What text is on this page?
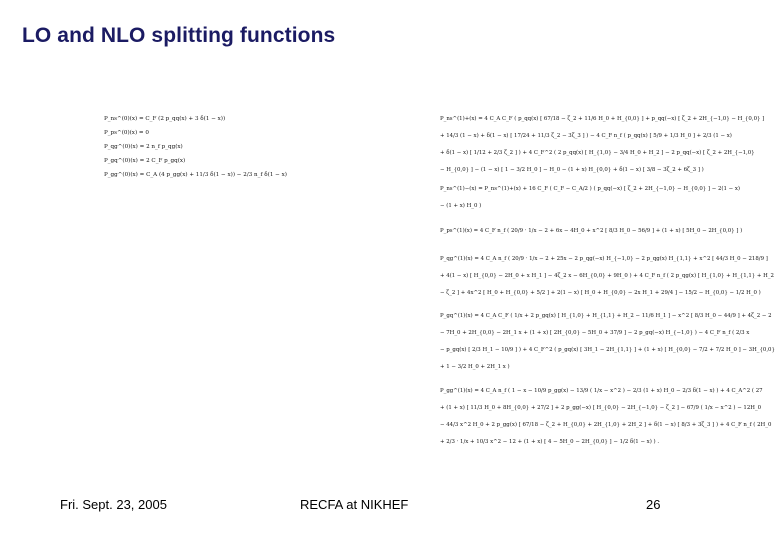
LO and NLO splitting functions
P_ns^(0)(x) = C_F (2 p_qq(x) + 3 δ(1 − x))
P_ps^(0)(x) = 0
P_qg^(0)(x) = 2 n_f p_qg(x)
P_gq^(0)(x) = 2 C_F p_gq(x)
P_gg^(0)(x) = C_A (4 p_gg(x) + 11/3 δ(1 − x)) − 2/3 n_f δ(1 − x)
P_ns^(1)+(x) = 4 C_A C_F ( p_qq(x) [ 67/18 − ζ_2 + 11/6 H_0 + H_{0,0} ] + p_qq(−x) [ ζ_2 + 2H_{−1,0} − H_{0,0} ]
+ 14/3 (1 − x) + δ(1 − x) [ 17/24 + 11/3 ζ_2 − 3ζ_3 ] ) − 4 C_F n_f ( p_qq(x) [ 5/9 + 1/3 H_0 ] + 2/3 (1 − x)
+ δ(1 − x) [ 1/12 + 2/3 ζ_2 ] ) + 4 C_F^2 ( 2 p_qq(x) [ H_{1,0} − 3/4 H_0 + H_2 ] − 2 p_qq(−x) [ ζ_2 + 2H_{−1,0}
− H_{0,0} ] − (1 − x) [ 1 − 3/2 H_0 ] − H_0 − (1 + x) H_{0,0} + δ(1 − x) [ 3/8 − 3ζ_2 + 6ζ_3 ] )
P_ns^(1)−(x) = P_ns^(1)+(x) + 16 C_F ( C_F − C_A/2 ) ( p_qq(−x) [ ζ_2 + 2H_{−1,0} − H_{0,0} ] − 2(1 − x)
− (1 + x) H_0 )
P_ps^(1)(x) = 4 C_F n_f ( 20/9 · 1/x − 2 + 6x − 4H_0 + x^2 [ 8/3 H_0 − 56/9 ] + (1 + x) [ 5H_0 − 2H_{0,0} ] )
P_qg^(1)(x) = 4 C_A n_f ( 20/9 · 1/x − 2 + 25x − 2 p_qg(−x) H_{−1,0} − 2 p_qg(x) H_{1,1} + x^2 [ 44/3 H_0 − 218/9 ]
+ 4(1 − x) [ H_{0,0} − 2H_0 + x H_1 ] − 4ζ_2 x − 6H_{0,0} + 9H_0 ) + 4 C_F n_f ( 2 p_qg(x) [ H_{1,0} + H_{1,1} + H_2
− ζ_2 ] + 4x^2 [ H_0 + H_{0,0} + 5/2 ] + 2(1 − x) [ H_0 + H_{0,0} − 2x H_1 + 29/4 ] − 15/2 − H_{0,0} − 1/2 H_0 )
P_gq^(1)(x) = 4 C_A C_F ( 1/x + 2 p_gq(x) [ H_{1,0} + H_{1,1} + H_2 − 11/6 H_1 ] − x^2 [ 8/3 H_0 − 44/9 ] + 4ζ_2 − 2
− 7H_0 + 2H_{0,0} − 2H_1 x + (1 + x) [ 2H_{0,0} − 5H_0 + 37/9 ] − 2 p_gq(−x) H_{−1,0} ) − 4 C_F n_f ( 2/3 x
− p_gq(x) [ 2/3 H_1 − 10/9 ] ) + 4 C_F^2 ( p_gq(x) [ 3H_1 − 2H_{1,1} ] + (1 + x) [ H_{0,0} − 7/2 + 7/2 H_0 ] − 3H_{0,0}
+ 1 − 3/2 H_0 + 2H_1 x )
P_gg^(1)(x) = 4 C_A n_f ( 1 − x − 10/9 p_gg(x) − 13/9 ( 1/x − x^2 ) − 2/3 (1 + x) H_0 − 2/3 δ(1 − x) ) + 4 C_A^2 ( 27
+ (1 + x) [ 11/3 H_0 + 8H_{0,0} + 27/2 ] + 2 p_gg(−x) [ H_{0,0} − 2H_{−1,0} − ζ_2 ] − 67/9 ( 1/x − x^2 ) − 12H_0
− 44/3 x^2 H_0 + 2 p_gg(x) [ 67/18 − ζ_2 + H_{0,0} + 2H_{1,0} + 2H_2 ] + δ(1 − x) [ 8/3 + 3ζ_3 ] ) + 4 C_F n_f ( 2H_0
+ 2/3 · 1/x + 10/3 x^2 − 12 + (1 + x) [ 4 − 5H_0 − 2H_{0,0} ] − 1/2 δ(1 − x) ) .
Fri. Sept. 23, 2005	RECFA at NIKHEF	26
